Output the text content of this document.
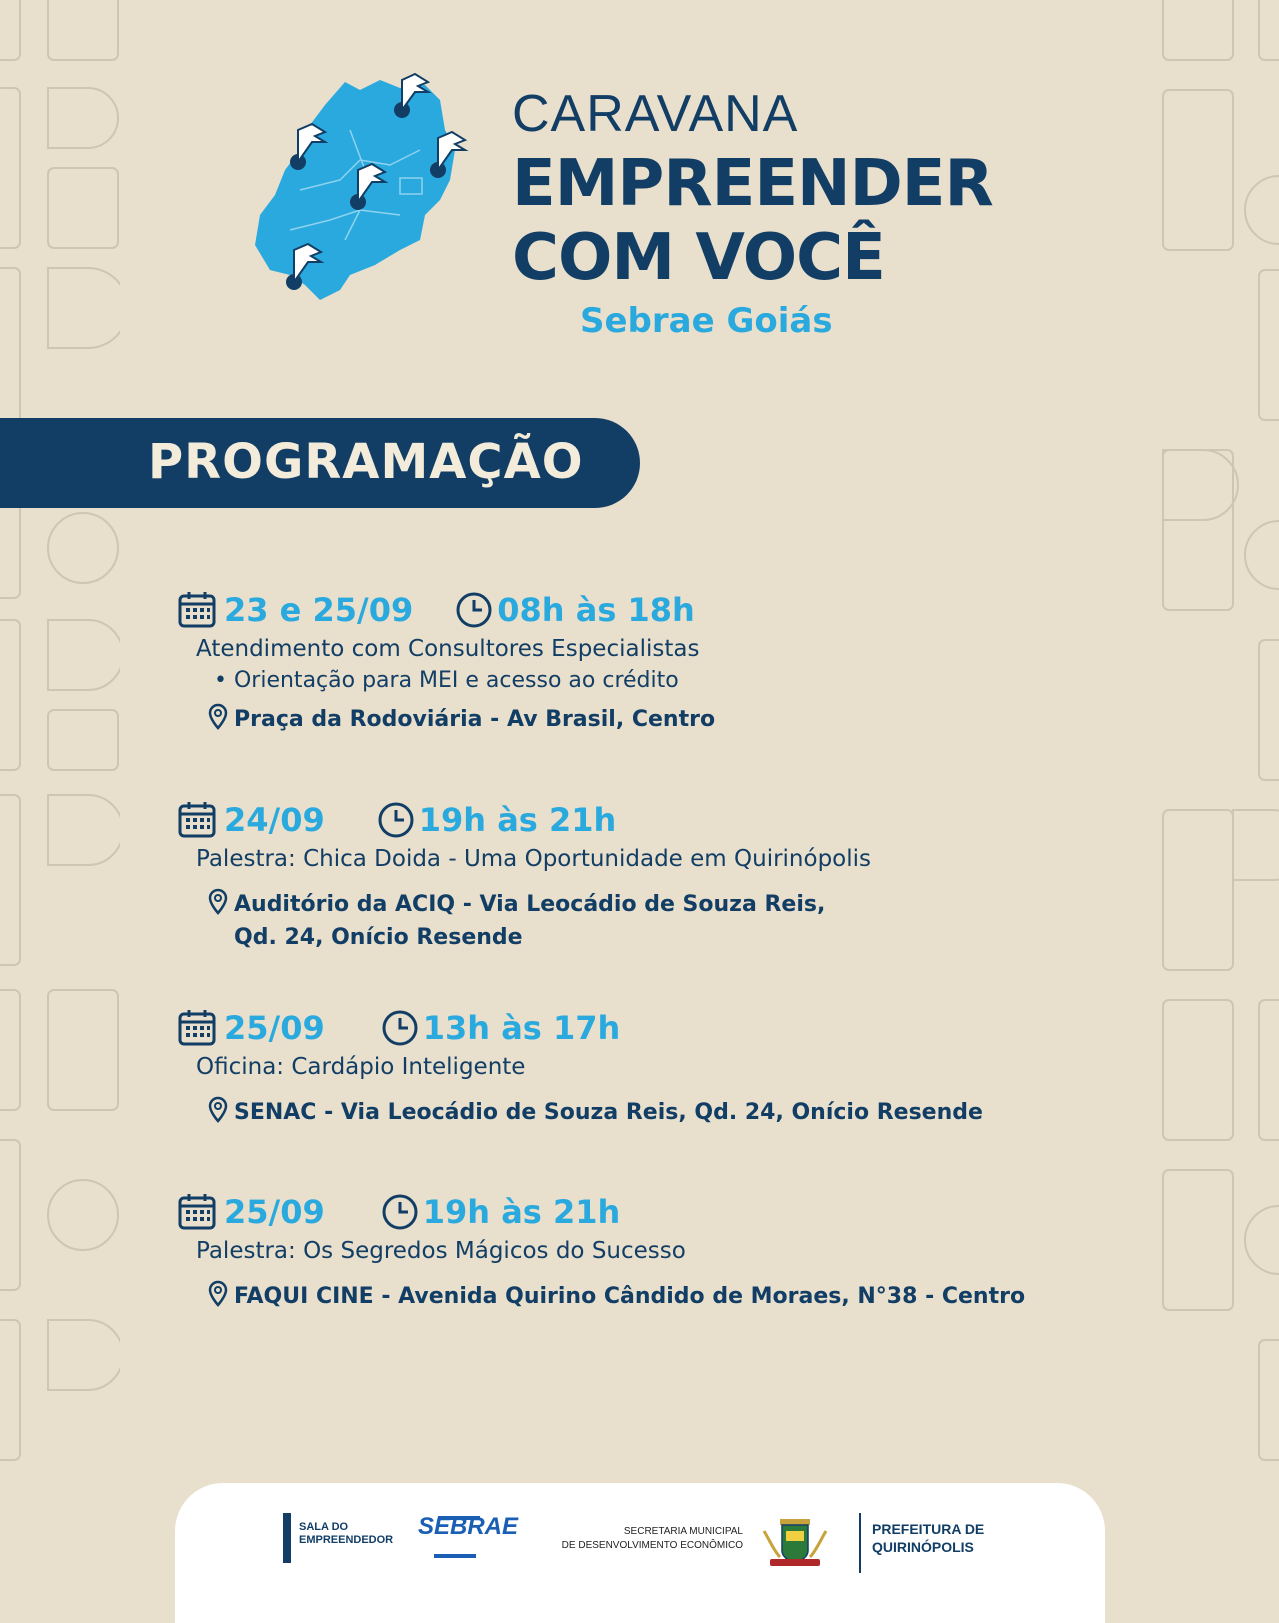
CARAVANA
EMPREENDER
COM VOCÊ
Sebrae Goiás
PROGRAMAÇÃO
23 e 25/09	08h às 18h
Atendimento com Consultores Especialistas
• Orientação para MEI e acesso ao crédito
Praça da Rodoviária - Av Brasil, Centro
24/09	19h às 21h
Palestra: Chica Doida - Uma Oportunidade em Quirinópolis
Auditório da ACIQ - Via Leocádio de Souza Reis,
Qd. 24, Onício Resende
25/09	13h às 17h
Oficina: Cardápio Inteligente
SENAC - Via Leocádio de Souza Reis, Qd. 24, Onício Resende
25/09	19h às 21h
Palestra: Os Segredos Mágicos do Sucesso
FAQUI CINE - Avenida Quirino Cândido de Moraes, N°38 - Centro
SALA DO
EMPREENDEDOR
SEBRAE	SECRETARIA MUNICIPAL
DE DESENVOLVIMENTO ECONÔMICO
PREFEITURA DE
QUIRINÓPOLIS
